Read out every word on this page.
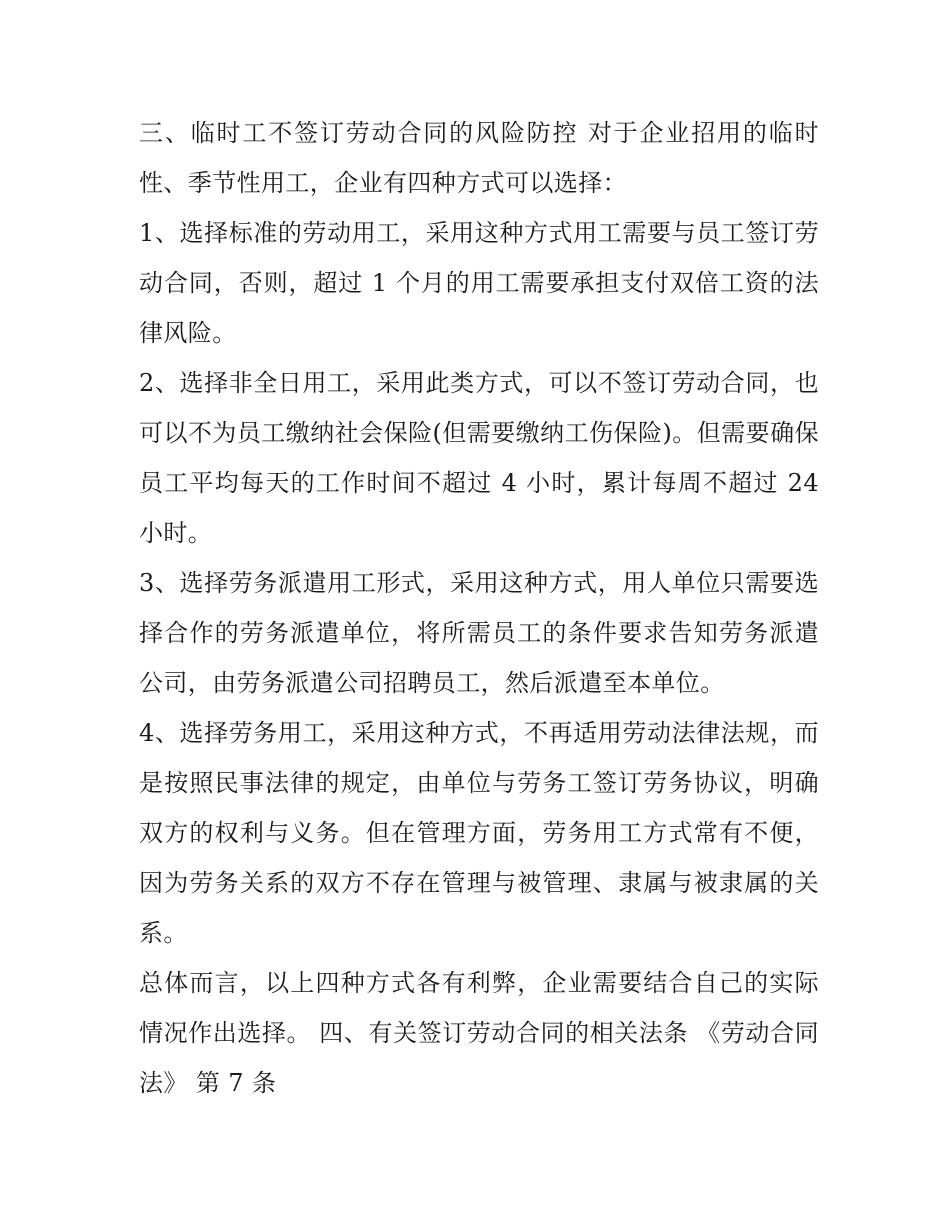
三、临时工不签订劳动合同的风险防控 对于企业招用的临时性、季节性用工，企业有四种方式可以选择：

1、选择标准的劳动用工，采用这种方式用工需要与员工签订劳动合同，否则，超过 1 个月的用工需要承担支付双倍工资的法律风险。

2、选择非全日用工，采用此类方式，可以不签订劳动合同，也可以不为员工缴纳社会保险(但需要缴纳工伤保险)。但需要确保员工平均每天的工作时间不超过 4 小时，累计每周不超过 24 小时。

3、选择劳务派遣用工形式，采用这种方式，用人单位只需要选择合作的劳务派遣单位，将所需员工的条件要求告知劳务派遣公司，由劳务派遣公司招聘员工，然后派遣至本单位。

4、选择劳务用工，采用这种方式，不再适用劳动法律法规，而是按照民事法律的规定，由单位与劳务工签订劳务协议，明确双方的权利与义务。但在管理方面，劳务用工方式常有不便，因为劳务关系的双方不存在管理与被管理、隶属与被隶属的关系。

总体而言，以上四种方式各有利弊，企业需要结合自己的实际情况作出选择。 四、有关签订劳动合同的相关法条 《劳动合同法》 第 7 条
